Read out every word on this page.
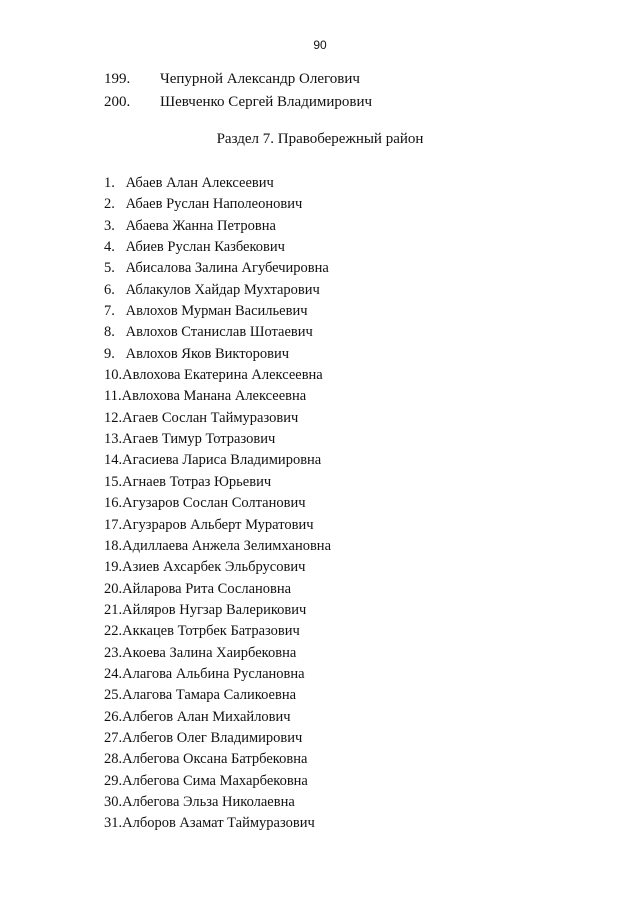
90
199. Чепурной Александр Олегович
200. Шевченко Сергей Владимирович
Раздел 7. Правобережный район
1. Абаев Алан Алексеевич
2. Абаев Руслан Наполеонович
3. Абаева Жанна Петровна
4. Абиев Руслан Казбекович
5. Абисалова Залина Агубечировна
6. Аблакулов Хайдар Мухтарович
7. Авлохов Мурман Васильевич
8. Авлохов Станислав Шотаевич
9. Авлохов Яков Викторович
10.Авлохова Екатерина Алексеевна
11.Авлохова Манана Алексеевна
12.Агаев Сослан Таймуразович
13.Агаев Тимур Тотразович
14.Агасиева Лариса Владимировна
15.Агнаев Тотраз Юрьевич
16.Агузаров Сослан Солтанович
17.Агузраров Альберт Муратович
18.Адиллаева Анжела Зелимхановна
19.Азиев Ахсарбек Эльбрусович
20.Айларова Рита Сослановна
21.Айляров Нугзар Валерикович
22.Аккацев Тотрбек Батразович
23.Акоева Залина Хаирбековна
24.Алагова Альбина Руслановна
25.Алагова Тамара Саликоевна
26.Албегов Алан Михайлович
27.Албегов Олег Владимирович
28.Албегова Оксана Батрбековна
29.Албегова Сима Махарбековна
30.Албегова Эльза Николаевна
31.Алборов Азамат Таймуразович
